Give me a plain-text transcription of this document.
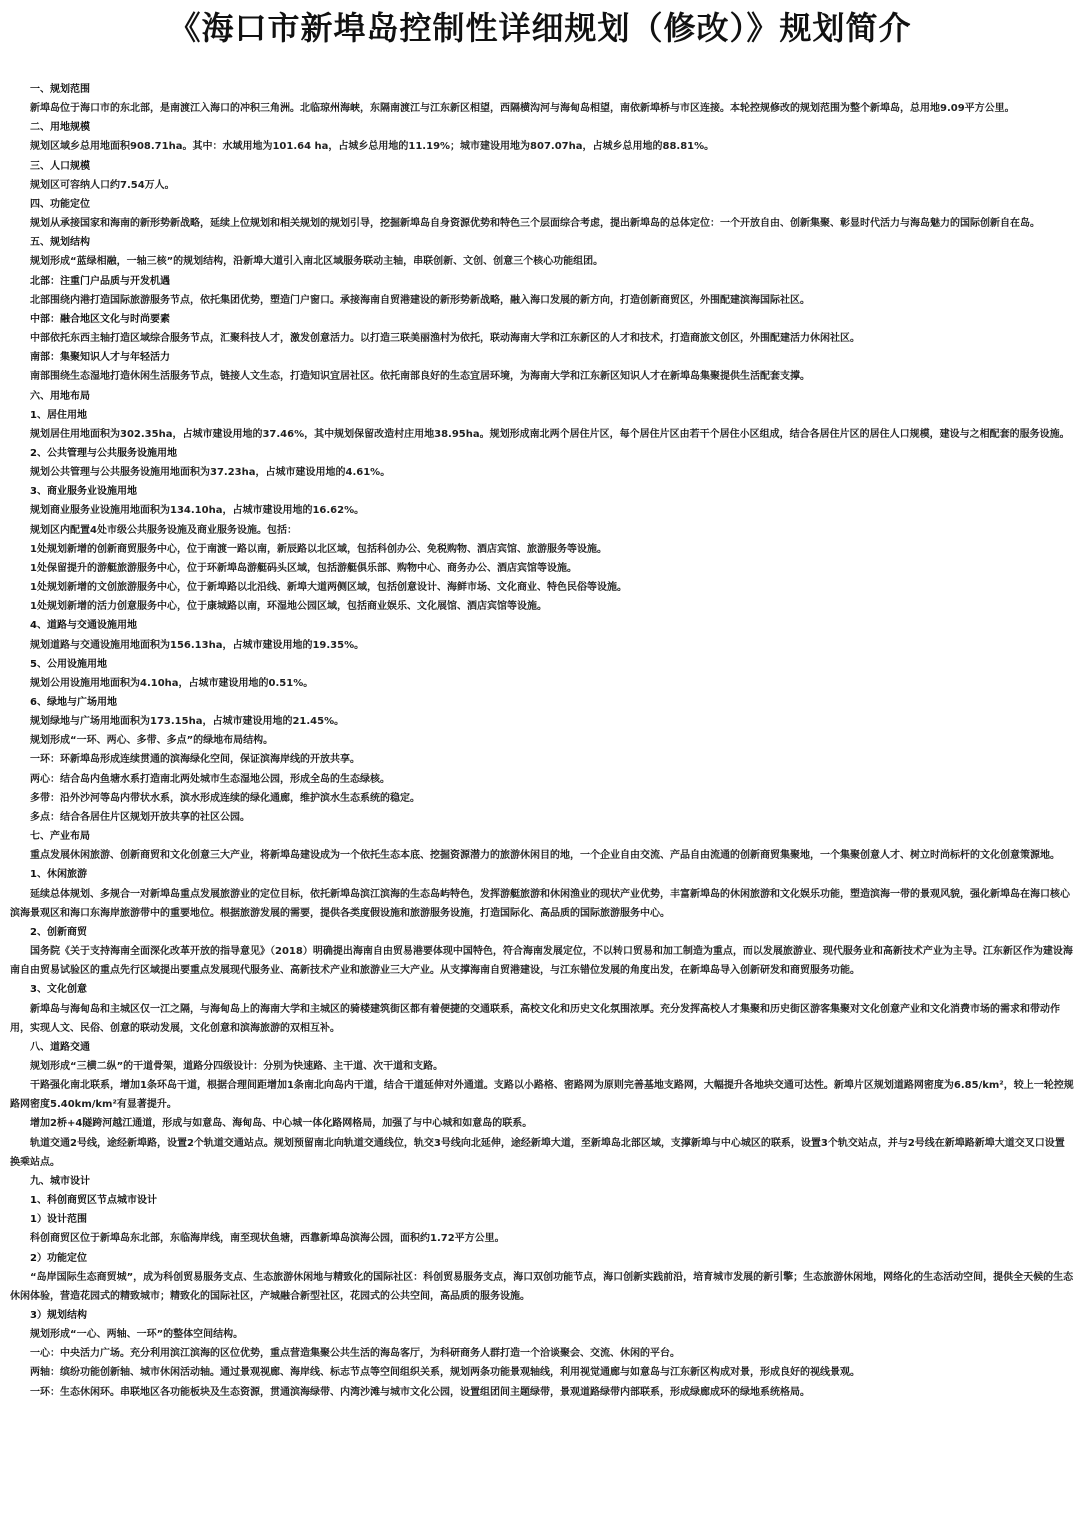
《海口市新埠岛控制性详细规划（修改）》规划简介

一、规划范围

新埠岛位于海口市的东北部，是南渡江入海口的冲积三角洲。北临琼州海峡，东隔南渡江与江东新区相望，西隔横沟河与海甸岛相望，南依新埠桥与市区连接。本轮控规修改的规划范围为整个新埠岛，总用地9.09平方公里。

二、用地规模

规划区域乡总用地面积908.71ha。其中：水域用地为101.64 ha，占城乡总用地的11.19%；城市建设用地为807.07ha，占城乡总用地的88.81%。

三、人口规模

规划区可容纳人口约7.54万人。

四、功能定位

规划从承接国家和海南的新形势新战略，延续上位规划和相关规划的规划引导，挖掘新埠岛自身资源优势和特色三个层面综合考虑，提出新埠岛的总体定位：一个开放自由、创新集聚、彰显时代活力与海岛魅力的国际创新自在岛。

五、规划结构

规划形成“蓝绿相融，一轴三核”的规划结构，沿新埠大道引入南北区域服务联动主轴，串联创新、文创、创意三个核心功能组团。

北部：注重门户品质与开发机遇

北部围绕内港打造国际旅游服务节点，依托集团优势，塑造门户窗口。承接海南自贸港建设的新形势新战略，融入海口发展的新方向，打造创新商贸区，外围配建滨海国际社区。

中部：融合地区文化与时尚要素

中部依托东西主轴打造区域综合服务节点，汇聚科技人才，激发创意活力。以打造三联美丽渔村为依托，联动海南大学和江东新区的人才和技术，打造商旅文创区，外围配建活力休闲社区。

南部：集聚知识人才与年轻活力

南部围绕生态湿地打造休闲生活服务节点，链接人文生态，打造知识宜居社区。依托南部良好的生态宜居环境，为海南大学和江东新区知识人才在新埠岛集聚提供生活配套支撑。

六、用地布局

1、居住用地

规划居住用地面积为302.35ha，占城市建设用地的37.46%，其中规划保留改造村庄用地38.95ha。规划形成南北两个居住片区，每个居住片区由若干个居住小区组成，结合各居住片区的居住人口规模，建设与之相配套的服务设施。

2、公共管理与公共服务设施用地

规划公共管理与公共服务设施用地面积为37.23ha，占城市建设用地的4.61%。

3、商业服务业设施用地

规划商业服务业设施用地面积为134.10ha，占城市建设用地的16.62%。

规划区内配置4处市级公共服务设施及商业服务设施。包括：

1处规划新增的创新商贸服务中心，位于南渡一路以南，新辰路以北区域，包括科创办公、免税购物、酒店宾馆、旅游服务等设施。

1处保留提升的游艇旅游服务中心，位于环新埠岛游艇码头区域，包括游艇俱乐部、购物中心、商务办公、酒店宾馆等设施。

1处规划新增的文创旅游服务中心，位于新埠路以北沿线、新埠大道两侧区域，包括创意设计、海鲜市场、文化商业、特色民俗等设施。

1处规划新增的活力创意服务中心，位于康城路以南，环湿地公园区域，包括商业娱乐、文化展馆、酒店宾馆等设施。

4、道路与交通设施用地

规划道路与交通设施用地面积为156.13ha，占城市建设用地的19.35%。

5、公用设施用地

规划公用设施用地面积为4.10ha，占城市建设用地的0.51%。

6、绿地与广场用地

规划绿地与广场用地面积为173.15ha，占城市建设用地的21.45%。

规划形成“一环、两心、多带、多点”的绿地布局结构。

一环：环新埠岛形成连续贯通的滨海绿化空间，保证滨海岸线的开放共享。

两心：结合岛内鱼塘水系打造南北两处城市生态湿地公园，形成全岛的生态绿核。

多带：沿外沙河等岛内带状水系，滨水形成连续的绿化通廊，维护滨水生态系统的稳定。

多点：结合各居住片区规划开放共享的社区公园。

七、产业布局

重点发展休闲旅游、创新商贸和文化创意三大产业，将新埠岛建设成为一个依托生态本底、挖掘资源潜力的旅游休闲目的地，一个企业自由交流、产品自由流通的创新商贸集聚地，一个集聚创意人才、树立时尚标杆的文化创意策源地。

1、休闲旅游

延续总体规划、多规合一对新埠岛重点发展旅游业的定位目标，依托新埠岛滨江滨海的生态岛屿特色，发挥游艇旅游和休闲渔业的现状产业优势，丰富新埠岛的休闲旅游和文化娱乐功能，塑造滨海一带的景观风貌，强化新埠岛在海口核心滨海景观区和海口东海岸旅游带中的重要地位。根据旅游发展的需要，提供各类度假设施和旅游服务设施，打造国际化、高品质的国际旅游服务中心。

2、创新商贸

国务院《关于支持海南全面深化改革开放的指导意见》（2018）明确提出海南自由贸易港要体现中国特色，符合海南发展定位，不以转口贸易和加工制造为重点，而以发展旅游业、现代服务业和高新技术产业为主导。江东新区作为建设海南自由贸易试验区的重点先行区域提出要重点发展现代服务业、高新技术产业和旅游业三大产业。从支撑海南自贸港建设，与江东错位发展的角度出发，在新埠岛导入创新研发和商贸服务功能。

3、文化创意

新埠岛与海甸岛和主城区仅一江之隔，与海甸岛上的海南大学和主城区的骑楼建筑街区都有着便捷的交通联系，高校文化和历史文化氛围浓厚。充分发挥高校人才集聚和历史街区游客集聚对文化创意产业和文化消费市场的需求和带动作用，实现人文、民俗、创意的联动发展，文化创意和滨海旅游的双相互补。

八、道路交通

规划形成“三横二纵”的干道骨架，道路分四级设计：分别为快速路、主干道、次干道和支路。

干路强化南北联系，增加1条环岛干道，根据合理间距增加1条南北向岛内干道，结合干道延伸对外通道。支路以小路格、密路网为原则完善基地支路网，大幅提升各地块交通可达性。新埠片区规划道路网密度为6.85/km²，较上一轮控规路网密度5.40km/km²有显著提升。

增加2桥+4隧跨河越江通道，形成与如意岛、海甸岛、中心城一体化路网格局，加强了与中心城和如意岛的联系。

轨道交通2号线，途经新埠路，设置2个轨道交通站点。规划预留南北向轨道交通线位，轨交3号线向北延伸，途经新埠大道，至新埠岛北部区域，支撑新埠与中心城区的联系，设置3个轨交站点，并与2号线在新埠路新埠大道交叉口设置换乘站点。

九、城市设计

1、科创商贸区节点城市设计

1）设计范围

科创商贸区位于新埠岛东北部，东临海岸线，南至现状鱼塘，西靠新埠岛滨海公园，面积约1.72平方公里。

2）功能定位

“岛岸国际生态商贸城”，成为科创贸易服务支点、生态旅游休闲地与精致化的国际社区：科创贸易服务支点，海口双创功能节点，海口创新实践前沿，培育城市发展的新引擎；生态旅游休闲地，网络化的生态活动空间，提供全天候的生态休闲体验，营造花园式的精致城市；精致化的国际社区，产城融合新型社区，花园式的公共空间，高品质的服务设施。

3）规划结构

规划形成“一心、两轴、一环”的整体空间结构。

一心：中央活力广场。充分利用滨江滨海的区位优势，重点营造集聚公共生活的海岛客厅，为科研商务人群打造一个洽谈聚会、交流、休闲的平台。

两轴：缤纷功能创新轴、城市休闲活动轴。通过景观视廊、海岸线、标志节点等空间组织关系，规划两条功能景观轴线，利用视觉通廊与如意岛与江东新区构成对景，形成良好的视线景观。

一环：生态休闲环。串联地区各功能板块及生态资源，贯通滨海绿带、内湾沙滩与城市文化公园，设置组团间主题绿带，景观道路绿带内部联系，形成绿廊成环的绿地系统格局。
